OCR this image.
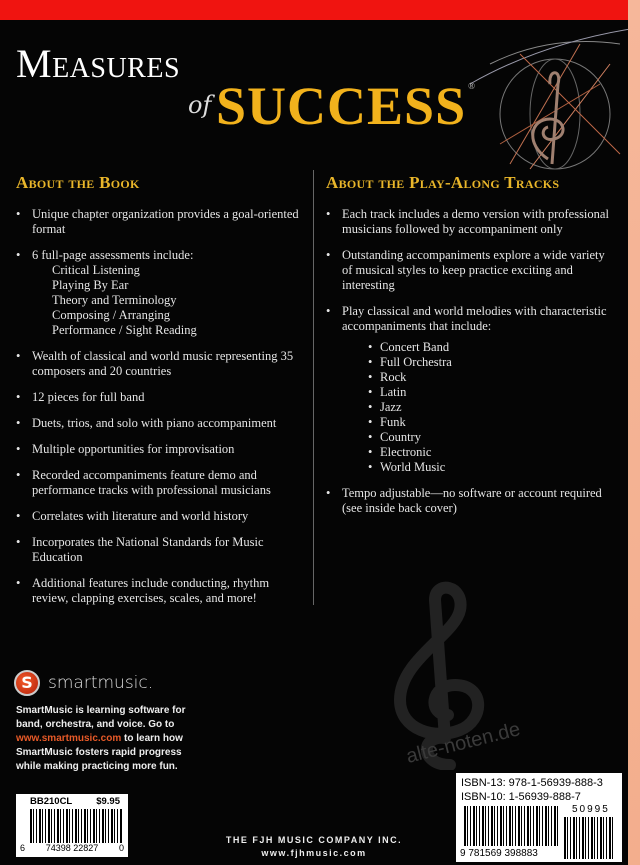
Measures
of SUCCESS ®
About the Book	About the Play-Along Tracks
alte-noten.de
• Unique chapter organization provides a goal-oriented format
• 6 full-page assessments include:
Critical Listening
Playing By Ear
Theory and Terminology
Composing / Arranging
Performance / Sight Reading
• Wealth of classical and world music representing 35 composers and 20 countries
• 12 pieces for full band
• Duets, trios, and solo with piano accompaniment
• Multiple opportunities for improvisation
• Recorded accompaniments feature demo and performance tracks with professional musicians
• Correlates with literature and world history
• Incorporates the National Standards for Music Education
• Additional features include conducting, rhythm review, clapping exercises, scales, and more!
• Each track includes a demo version with professional musicians followed by accompaniment only
• Outstanding accompaniments explore a wide variety of musical styles to keep practice exciting and interesting
• Play classical and world melodies with characteristic accompaniments that include:
• Concert Band
• Full Orchestra
• Rock
• Latin
• Jazz
• Funk
• Country
• Electronic
• World Music
• Tempo adjustable—no software or account required (see inside back cover)
S smartmusic.
SmartMusic is learning software for band, orchestra, and voice. Go to www.smartmusic.com to learn how SmartMusic fosters rapid progress while making practicing more fun.
BB210CL	$9.95
6 74398 22827 0
THE FJH MUSIC COMPANY INC.
www.fjhmusic.com
ISBN-13: 978-1-56939-888-3
ISBN-10: 1-56939-888-7
50995
9 781569 398883
